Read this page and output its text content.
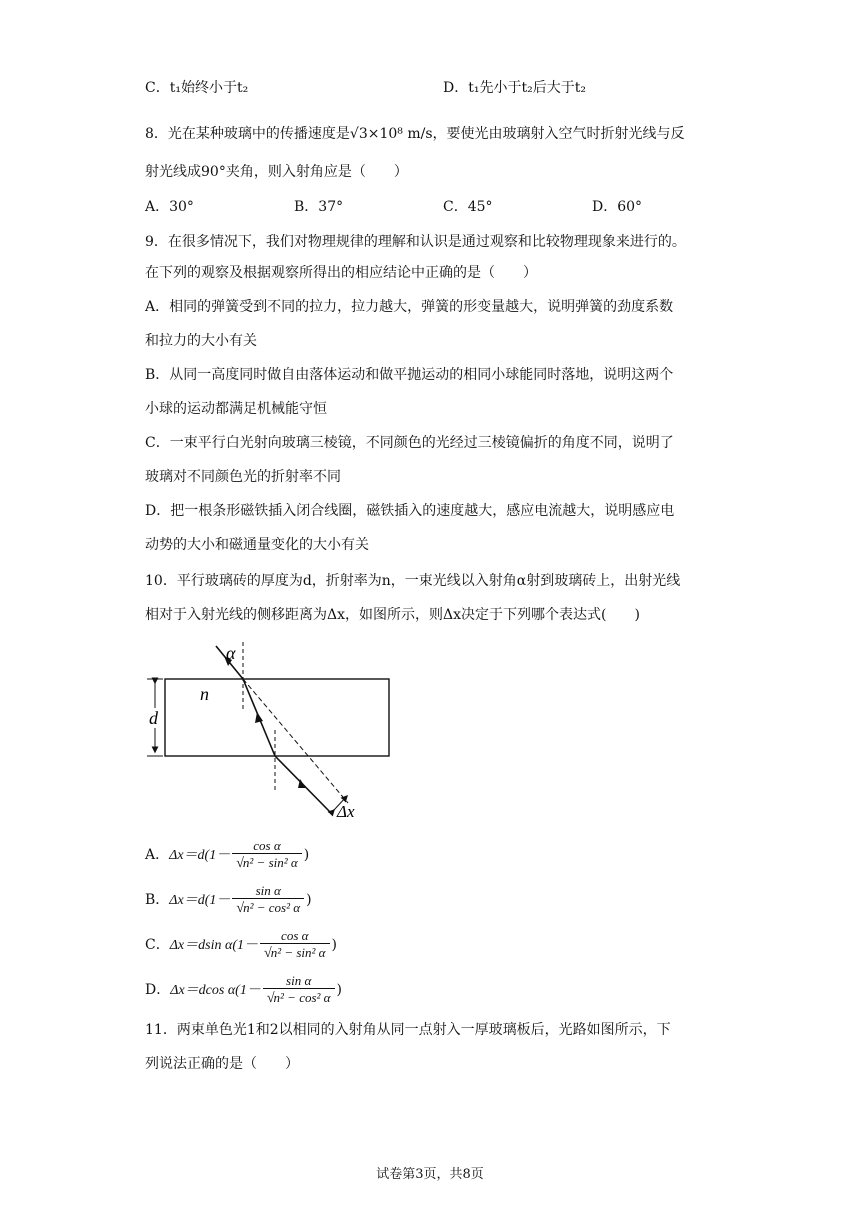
C．t₁始终小于t₂	D．t₁先小于t₂后大于t₂
8．光在某种玻璃中的传播速度是√3×10⁸ m/s，要使光由玻璃射入空气时折射光线与反
射光线成90°夹角，则入射角应是（　　）
A．30°	B．37°	C．45°	D．60°
9．在很多情况下，我们对物理规律的理解和认识是通过观察和比较物理现象来进行的。
在下列的观察及根据观察所得出的相应结论中正确的是（　　）
A．相同的弹簧受到不同的拉力，拉力越大，弹簧的形变量越大，说明弹簧的劲度系数
和拉力的大小有关
B．从同一高度同时做自由落体运动和做平抛运动的相同小球能同时落地，说明这两个
小球的运动都满足机械能守恒
C．一束平行白光射向玻璃三棱镜，不同颜色的光经过三棱镜偏折的角度不同，说明了
玻璃对不同颜色光的折射率不同
D．把一根条形磁铁插入闭合线圈，磁铁插入的速度越大，感应电流越大，说明感应电
动势的大小和磁通量变化的大小有关
10．平行玻璃砖的厚度为d，折射率为n，一束光线以入射角α射到玻璃砖上，出射光线
相对于入射光线的侧移距离为Δx，如图所示，则Δx决定于下列哪个表达式(　　)
α
Δx
n
d
A．$\Delta x=d(1- \frac{\text{cos α}}{\text{√n² − sin² α}}$ )
B．$\Delta x=d(1- \frac{\text{sin α}}{\text{√n² − cos² α}}$ )
C．Δx＝dsin $\alpha(1- \frac{\text{cos α}}{\text{√n² − sin² α}}$ )
D．Δx＝dcos $\alpha(1- \frac{\text{sin α}}{\text{√n² − cos² α}}$ )
11．两束单色光1和2以相同的入射角从同一点射入一厚玻璃板后，光路如图所示，下
列说法正确的是（　　）
试卷第3页，共8页
